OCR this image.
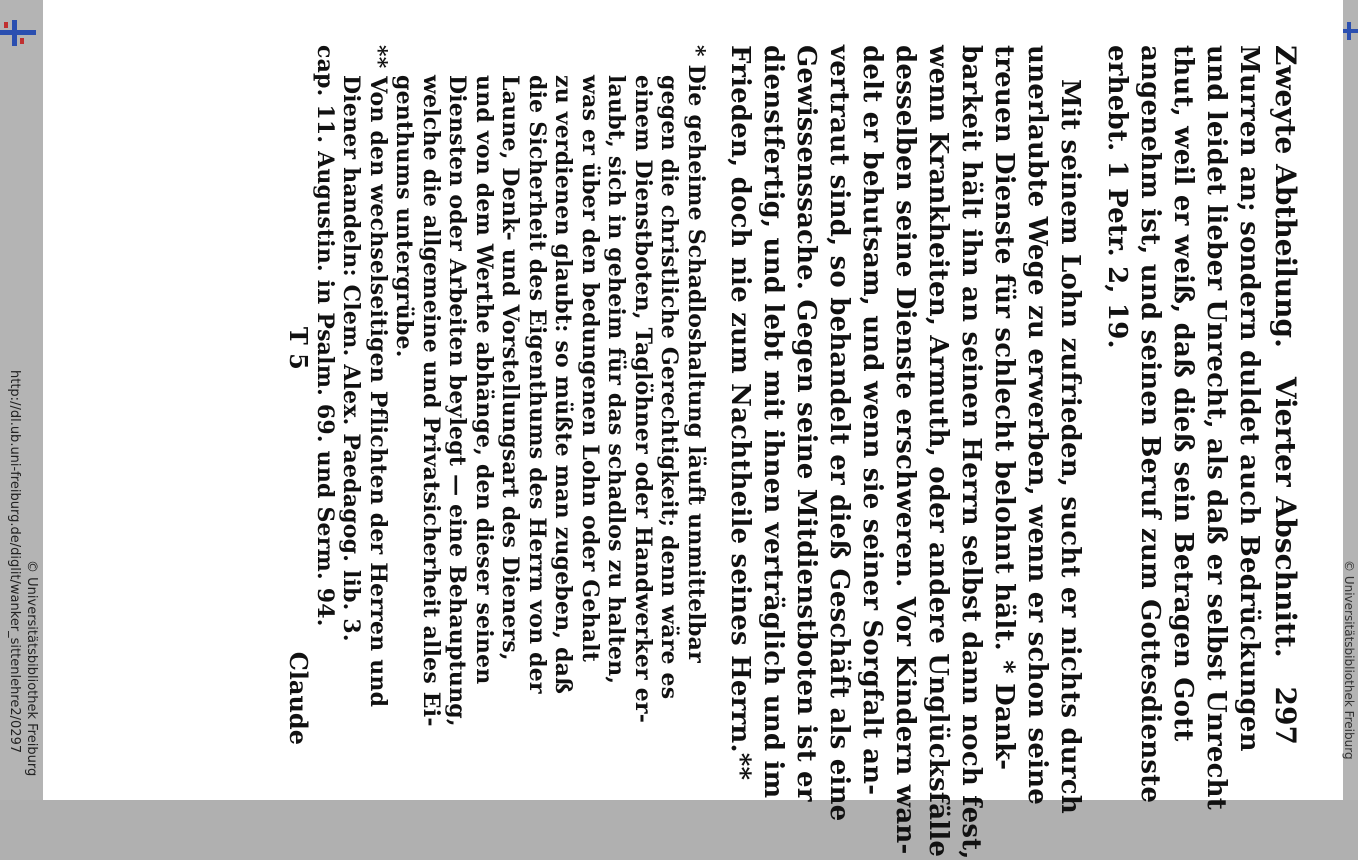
http://dl.ub.uni-freiburg.de/diglit/wanker_sittenlehre2/0297 © Universitätsbibliothek Freiburg	© Universitätsbibliothek Freiburg
Zweyte Abtheilung.
Vierter Abschnitt.
297
Murren an; sondern duldet auch Bedrückungen
und leidet lieber Unrecht, als daß er selbst Unrecht
thut, weil er weiß, daß dieß sein Betragen Gott
angenehm ist, und seinen Beruf zum Gottesdienste
erhebt. 1 Petr. 2, 19.
Mit seinem Lohn zufrieden, sucht er nichts durch
unerlaubte Wege zu erwerben, wenn er schon seine
treuen Dienste für schlecht belohnt hält. * Dank-
barkeit hält ihn an seinen Herrn selbst dann noch fest,
wenn Krankheiten, Armuth, oder andere Unglücksfälle
desselben seine Dienste erschweren. Vor Kindern wan-
delt er behutsam, und wenn sie seiner Sorgfalt an-
vertraut sind, so behandelt er dieß Geschäft als eine
Gewissenssache. Gegen seine Mitdienstboten ist er
dienstfertig, und lebt mit ihnen verträglich und im
Frieden, doch nie zum Nachtheile seines Herrn.**
* Die geheime Schadloshaltung läuft unmittelbar
gegen die christliche Gerechtigkeit; denn wäre es
einem Dienstboten, Taglöhner oder Handwerker er-
laubt, sich in geheim für das schadlos zu halten,
was er über den bedungenen Lohn oder Gehalt
zu verdienen glaubt: so müßte man zugeben, daß
die Sicherheit des Eigenthums des Herrn von der
Laune, Denk- und Vorstellungsart des Dieners,
und von dem Werthe abhänge, den dieser seinen
Diensten oder Arbeiten beylegt — eine Behauptung,
welche die allgemeine und Privatsicherheit alles Ei-
genthums untergrübe.
** Von den wechselseitigen Pflichten der Herren und
Diener handeln: Clem. Alex. Paedagog. lib. 3.
cap. 11. Augustin. in Psalm. 69. und Serm. 94.
T 5
Claude
